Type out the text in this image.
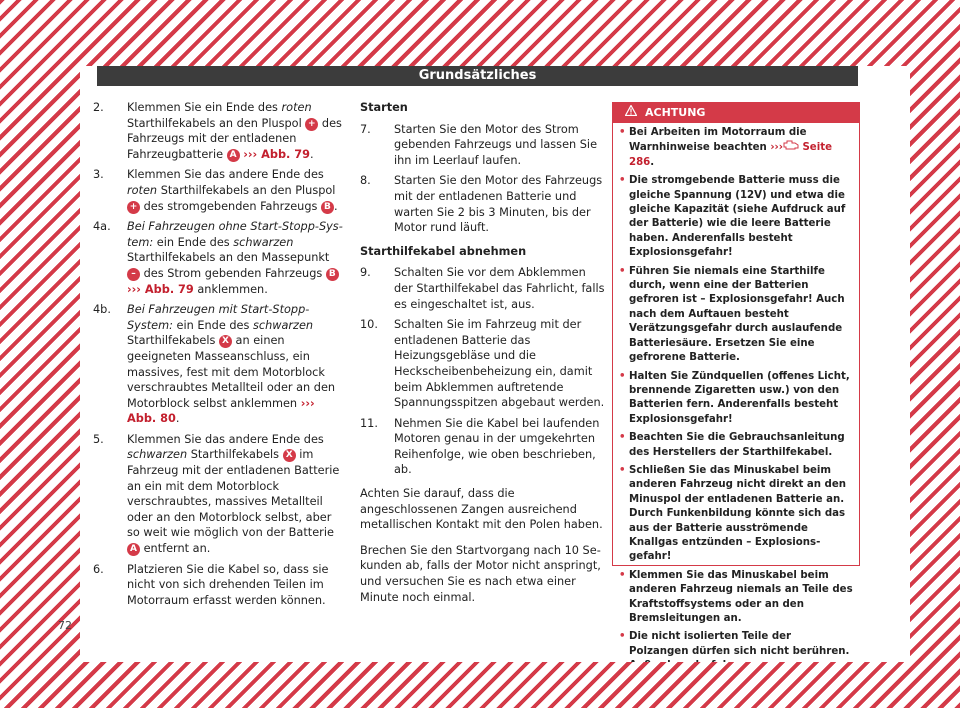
Grundsätzliches
2.	Klemmen Sie ein Ende des roten Starthilfekabels an den Pluspol + des Fahrzeugs mit der entladenen Fahrzeugbatterie A ››› Abb. 79.
3.	Klemmen Sie das andere Ende des roten Starthilfekabels an den Pluspol + des stromgebenden Fahrzeugs B .
4a.	Bei Fahrzeugen ohne Start-Stopp-System: ein Ende des schwarzen Starthilfekabels an den Massepunkt – des Strom gebenden Fahrzeugs B ››› Abb. 79 anklemmen.
4b.	Bei Fahrzeugen mit Start-Stopp-System: ein Ende des schwarzen Starthilfekabels X an einen geeigneten Masseanschluss, ein massives, fest mit dem Motorblock verschraubtes Metallteil oder an den Motorblock selbst anklemmen ››› Abb. 80.
5.	Klemmen Sie das andere Ende des schwarzen Starthilfekabels X im Fahrzeug mit der entladenen Batterie an ein mit dem Motorblock verschraubtes, massives Metallteil oder an den Motorblock selbst, aber so weit wie möglich von der Batterie A entfernt an.
6.	Platzieren Sie die Kabel so, dass sie nicht von sich drehenden Teilen im Motorraum erfasst werden können.
Starten
7.	Starten Sie den Motor des Strom gebenden Fahrzeugs und lassen Sie ihn im Leerlauf laufen.
8.	Starten Sie den Motor des Fahrzeugs mit der entladenen Batterie und warten Sie 2 bis 3 Minuten, bis der Motor rund läuft.
Starthilfekabel abnehmen
9.	Schalten Sie vor dem Abklemmen der Starthilfekabel das Fahrlicht, falls es eingeschaltet ist, aus.
10.	Schalten Sie im Fahrzeug mit der entladenen Batterie das Heizungsgebläse und die Heckscheibenbeheizung ein, damit beim Abklemmen auftretende Spannungsspitzen abgebaut werden.
11.	Nehmen Sie die Kabel bei laufenden Motoren genau in der umgekehrten Reihenfolge, wie oben beschrieben, ab.
Achten Sie darauf, dass die angeschlossenen Zangen ausreichend metallischen Kontakt mit den Polen haben.
Brechen Sie den Startvorgang nach 10 Sekunden ab, falls der Motor nicht anspringt, und versuchen Sie es nach etwa einer Minute noch einmal.
ACHTUNG
• Bei Arbeiten im Motorraum die Warnhinweise beachten ››› Seite 286.
• Die stromgebende Batterie muss die gleiche Spannung (12V) und etwa die gleiche Kapazität (siehe Aufdruck auf der Batterie) wie die leere Batterie haben. Anderenfalls besteht Explosionsgefahr!
• Führen Sie niemals eine Starthilfe durch, wenn eine der Batterien gefroren ist – Explosionsgefahr! Auch nach dem Auftauen besteht Verätzungsgefahr durch auslaufende Batteriesäure. Ersetzen Sie eine gefrorene Batterie.
• Halten Sie Zündquellen (offenes Licht, brennende Zigaretten usw.) von den Batterien fern. Anderenfalls besteht Explosionsgefahr!
• Beachten Sie die Gebrauchsanleitung des Herstellers der Starthilfekabel.
• Schließen Sie das Minuskabel beim anderen Fahrzeug nicht direkt an den Minuspol der entladenen Batterie an. Durch Funkenbildung könnte sich das aus der Batterie ausströmende Knallgas entzünden – Explosionsgefahr!
• Klemmen Sie das Minuskabel beim anderen Fahrzeug niemals an Teile des Kraftstoffsystems oder an den Bremsleitungen an.
• Die nicht isolierten Teile der Polzangen dürfen sich nicht berühren.
72
